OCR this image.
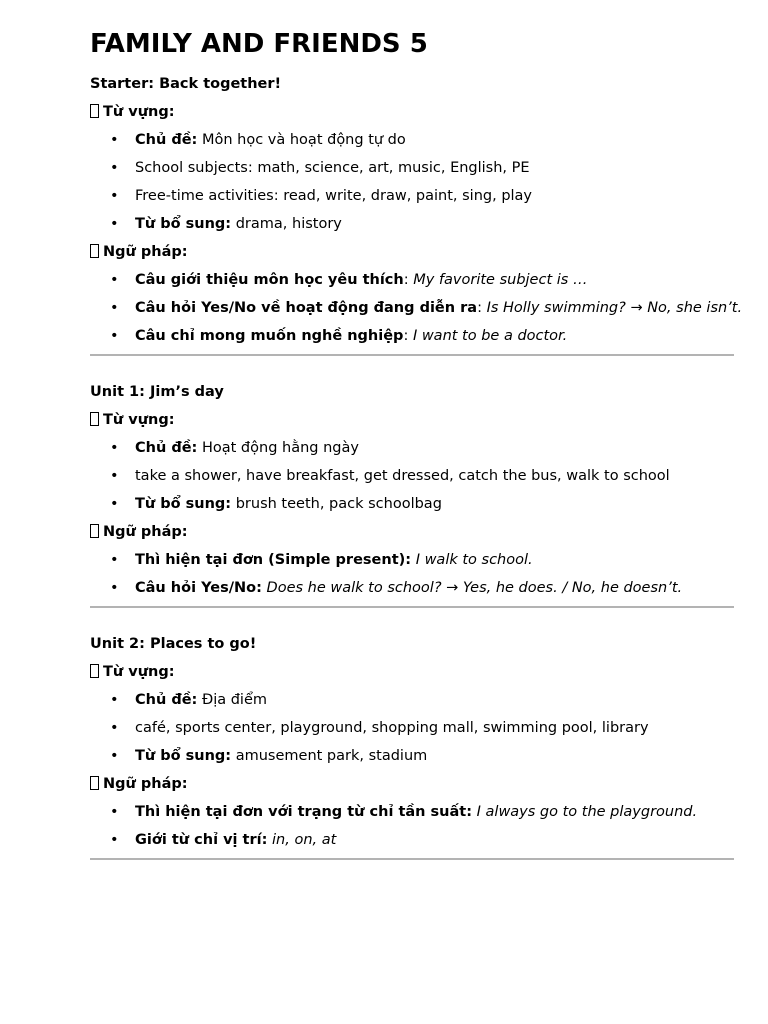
FAMILY AND FRIENDS 5

Starter: Back together!

Từ vựng:

• Chủ đề: Môn học và hoạt động tự do
• School subjects: math, science, art, music, English, PE
• Free-time activities: read, write, draw, paint, sing, play
• Từ bổ sung: drama, history

Ngữ pháp:

• Câu giới thiệu môn học yêu thích: My favorite subject is …
• Câu hỏi Yes/No về hoạt động đang diễn ra: Is Holly swimming? → No, she isn’t.
• Câu chỉ mong muốn nghề nghiệp: I want to be a doctor.

Unit 1: Jim’s day

Từ vựng:

• Chủ đề: Hoạt động hằng ngày
• take a shower, have breakfast, get dressed, catch the bus, walk to school
• Từ bổ sung: brush teeth, pack schoolbag

Ngữ pháp:

• Thì hiện tại đơn (Simple present): I walk to school.
• Câu hỏi Yes/No: Does he walk to school? → Yes, he does. / No, he doesn’t.

Unit 2: Places to go!

Từ vựng:

• Chủ đề: Địa điểm
• café, sports center, playground, shopping mall, swimming pool, library
• Từ bổ sung: amusement park, stadium

Ngữ pháp:

• Thì hiện tại đơn với trạng từ chỉ tần suất: I always go to the playground.
• Giới từ chỉ vị trí: in, on, at
